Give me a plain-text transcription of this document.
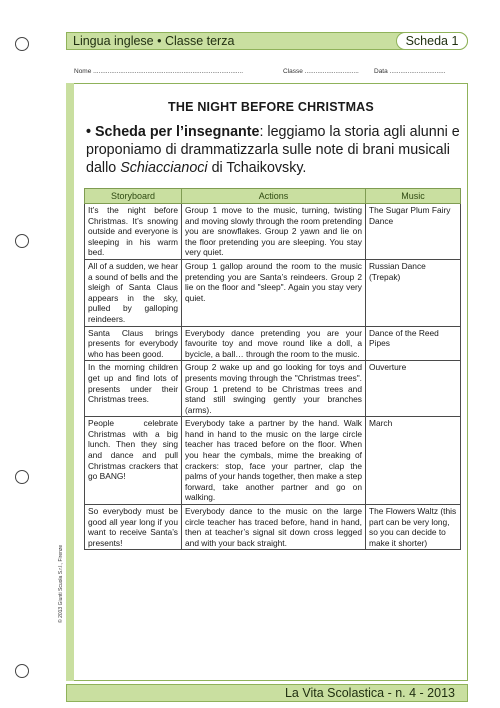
Lingua inglese • Classe terza	Scheda 1
Nome ...................................................................................	Classe .............................. Data ...............................
THE NIGHT BEFORE CHRISTMAS
• Scheda per l’insegnante: leggiamo la storia agli alunni e proponiamo di drammatizzarla sulle note di brani musicali dallo Schiaccianoci di Tchaikovsky.
Storyboard	Actions	Music
It’s the night before Christmas. It’s snowing outside and everyone is sleeping in his warm bed.	Group 1 move to the music, turning, twisting and moving slowly through the room pretending you are snowflakes. Group 2 yawn and lie on the floor pretending you are sleeping. You stay very quiet.	The Sugar Plum Fairy Dance
All of a sudden, we hear a sound of bells and the sleigh of Santa Claus appears in the sky, pulled by galloping reindeers.	Group 1 gallop around the room to the music pretending you are Santa’s reindeers. Group 2 lie on the floor and "sleep". Again you stay very quiet.	Russian Dance (Trepak)
Santa Claus brings presents for everybody who has been good.	Everybody dance pretending you are your favourite toy and move round like a doll, a bycicle, a ball… through the room to the music.	Dance of the Reed Pipes
In the morning children get up and find lots of presents under their Christmas trees.	Group 2 wake up and go looking for toys and presents moving through the "Christmas trees". Group 1 pretend to be Christmas trees and stand still swinging gently your branches (arms).	Ouverture
People celebrate Christmas with a big lunch. Then they sing and dance and pull Christmas crackers that go BANG!	Everybody take a partner by the hand. Walk hand in hand to the music on the large circle teacher has traced before on the floor. When you hear the cymbals, mime the breaking of crackers: stop, face your partner, clap the palms of your hands together, then make a step forward, take another partner and go on walking.	March
So everybody must be good all year long if you want to receive Santa’s presents!	Everybody dance to the music on the large circle teacher has traced before, hand in hand, then at teacher’s signal sit down cross legged and with your back straight.	The Flowers Waltz (this part can be very long, so you can decide to make it shorter)
© 2013 Giunti Scuola S.r.l., Firenze
La Vita Scolastica - n. 4 - 2013
